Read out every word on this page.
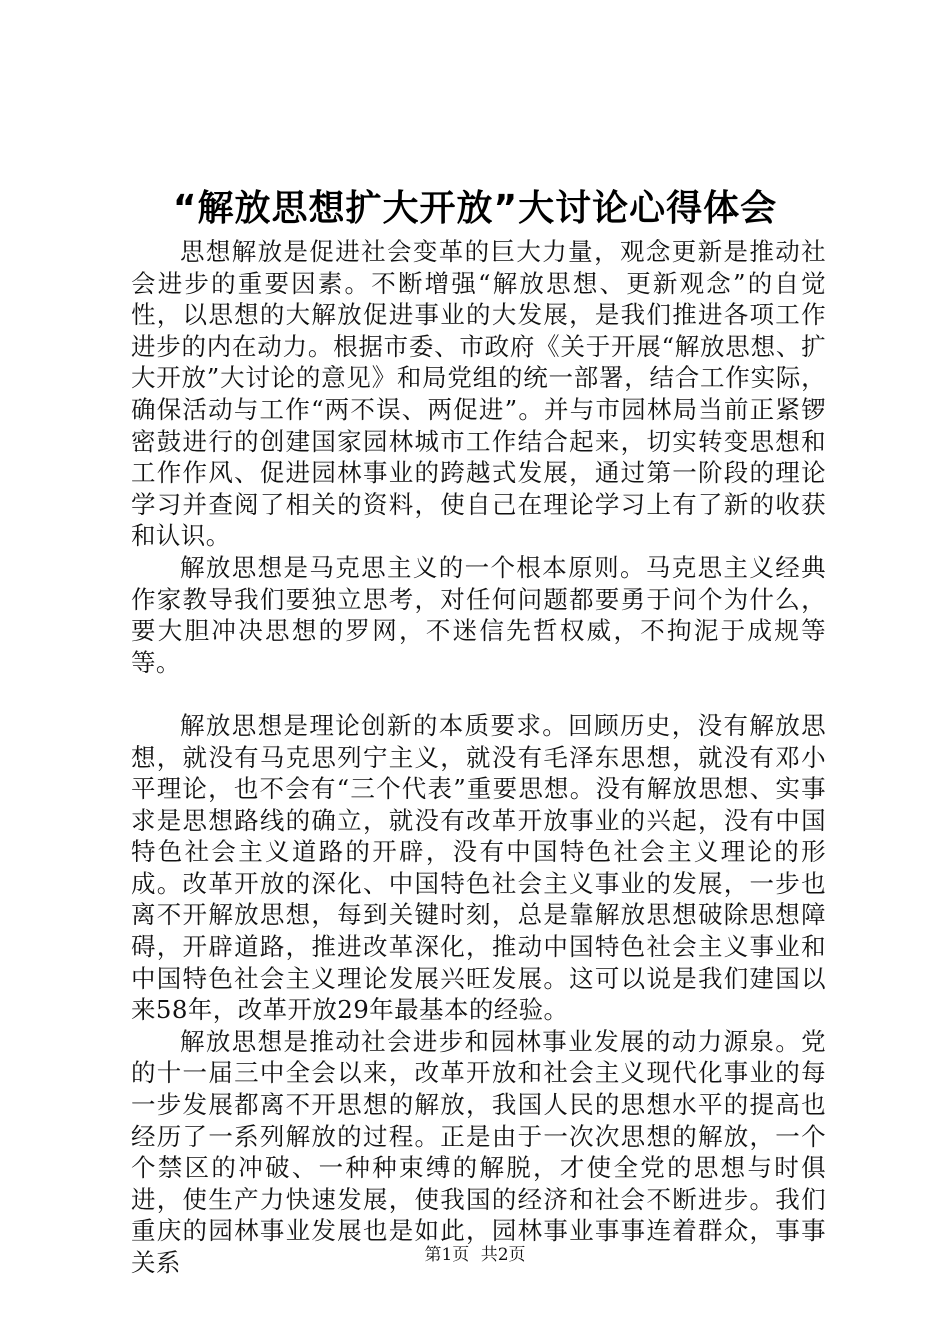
“解放思想扩大开放”大讨论心得体会

思想解放是促进社会变革的巨大力量，观念更新是推动社会进步的重要因素。不断增强“解放思想、更新观念”的自觉性，以思想的大解放促进事业的大发展，是我们推进各项工作进步的内在动力。根据市委、市政府《关于开展“解放思想、扩大开放”大讨论的意见》和局党组的统一部署，结合工作实际，确保活动与工作“两不误、两促进”。并与市园林局当前正紧锣密鼓进行的创建国家园林城市工作结合起来，切实转变思想和工作作风、促进园林事业的跨越式发展，通过第一阶段的理论学习并查阅了相关的资料，使自己在理论学习上有了新的收获和认识。

解放思想是马克思主义的一个根本原则。马克思主义经典作家教导我们要独立思考，对任何问题都要勇于问个为什么，要大胆冲决思想的罗网，不迷信先哲权威，不拘泥于成规等等。

解放思想是理论创新的本质要求。回顾历史，没有解放思想，就没有马克思列宁主义，就没有毛泽东思想，就没有邓小平理论，也不会有“三个代表”重要思想。没有解放思想、实事求是思想路线的确立，就没有改革开放事业的兴起，没有中国特色社会主义道路的开辟，没有中国特色社会主义理论的形成。改革开放的深化、中国特色社会主义事业的发展，一步也离不开解放思想，每到关键时刻，总是靠解放思想破除思想障碍，开辟道路，推进改革深化，推动中国特色社会主义事业和中国特色社会主义理论发展兴旺发展。这可以说是我们建国以来58年，改革开放29年最基本的经验。

解放思想是推动社会进步和园林事业发展的动力源泉。党的十一届三中全会以来，改革开放和社会主义现代化事业的每一步发展都离不开思想的解放，我国人民的思想水平的提高也经历了一系列解放的过程。正是由于一次次思想的解放，一个个禁区的冲破、一种种束缚的解脱，才使全党的思想与时俱进，使生产力快速发展，使我国的经济和社会不断进步。我们重庆的园林事业发展也是如此，园林事业事事连着群众，事事关系	第1页 共2页
